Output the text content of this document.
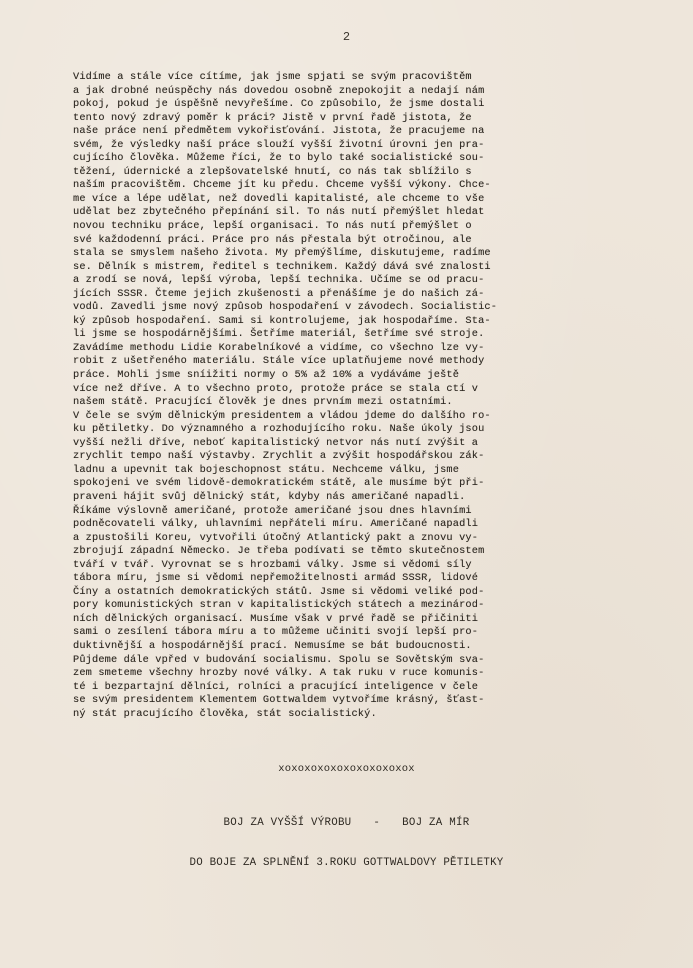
2
Vidíme a stále více cítíme, jak jsme spjati se svým pracovištěm
a jak drobné neúspěchy nás dovedou osobně znepokojit a nedají nám
pokoj, pokud je úspěšně nevyřešíme. Co způsobilo, že jsme dostali
tento nový zdravý poměr k práci? Jistě v první řadě jistota, že
naše práce není předmětem vykořisťování. Jistota, že pracujeme na
svém, že výsledky naší práce slouží vyšší životní úrovni jen pra-
cujícího člověka. Můžeme říci, že to bylo také socialistické sou-
těžení, údernické a zlepšovatelské hnutí, co nás tak sblížilo s
naším pracovištěm. Chceme jít ku předu. Chceme vyšší výkony. Chce-
me více a lépe udělat, než dovedli kapitalisté, ale chceme to vše
udělat bez zbytečného přepínání sil. To nás nutí přemýšlet hledat
novou techniku práce, lepší organisaci. To nás nutí přemýšlet o
své každodenní práci. Práce pro nás přestala být otročinou, ale
stala se smyslem našeho života. My přemýšlíme, diskutujeme, radíme
se. Dělník s mistrem, ředitel s technikem. Každý dává své znalosti
a zrodí se nová, lepší výroba, lepší technika. Učíme se od pracu-
jících SSSR. Čteme jejich zkušenosti a přenášíme je do našich zá-
vodů. Zavedli jsme nový způsob hospodaření v závodech. Socialistic-
ký způsob hospodaření. Sami si kontrolujeme, jak hospodaříme. Sta-
li jsme se hospodárnějšími. Šetříme materiál, šetříme své stroje.
Zavádíme methodu Lidie Korabelníkové a vidíme, co všechno lze vy-
robit z ušetřeného materiálu. Stále více uplatňujeme nové methody
práce. Mohli jsme sníižiti normy o 5% až 10% a vydáváme ještě
více než dříve. A to všechno proto, protože práce se stala ctí v
našem státě. Pracující člověk je dnes prvním mezi ostatními.
V čele se svým dělnickým presidentem a vládou jdeme do dalšího ro-
ku pětiletky. Do významného a rozhodujícího roku. Naše úkoly jsou
vyšší nežli dříve, neboť kapitalistický netvor nás nutí zvýšit a
zrychlit tempo naší výstavby. Zrychlit a zvýšit hospodářskou zák-
ladnu a upevnit tak bojeschopnost státu. Nechceme válku, jsme
spokojeni ve svém lidově-demokratickém státě, ale musíme být při-
praveni hájit svůj dělnický stát, kdyby nás američané napadli.
Říkáme výslovně američané, protože američané jsou dnes hlavními
podněcovateli války, uhlavními nepřáteli míru. Američané napadli
a zpustošili Koreu, vytvořili útočný Atlantický pakt a znovu vy-
zbrojují západní Německo. Je třeba podívati se těmto skutečnostem
tváří v tvář. Vyrovnat se s hrozbami války. Jsme si vědomi síly
tábora míru, jsme si vědomi nepřemožitelnosti armád SSSR, lidové
Číny a ostatních demokratických států. Jsme si vědomi veliké pod-
pory komunistických stran v kapitalistických státech a mezinárod-
ních dělnických organisací. Musíme však v prvé řadě se přičiniti
sami o zesílení tábora míru a to můžeme učiniti svojí lepší pro-
duktivnější a hospodárnější prací. Nemusíme se bát budoucnosti.
Půjdeme dále vpřed v budování socialismu. Spolu se Sovětským sva-
zem smeteme všechny hrozby nové války. A tak ruku v ruce komunis-
té i bezpartajní dělníci, rolníci a pracující inteligence v čele
se svým presidentem Klementem Gottwaldem vytvoříme krásný, šťast-
ný stát pracujícího člověka, stát socialistický.
xoxoxoxoxoxoxoxoxoxox
BOJ ZA VYŠŠÍ VÝROBU - BOJ ZA MÍR
DO BOJE ZA SPLNĚNÍ 3.ROKU GOTTWALDOVY PĚTILETKY
